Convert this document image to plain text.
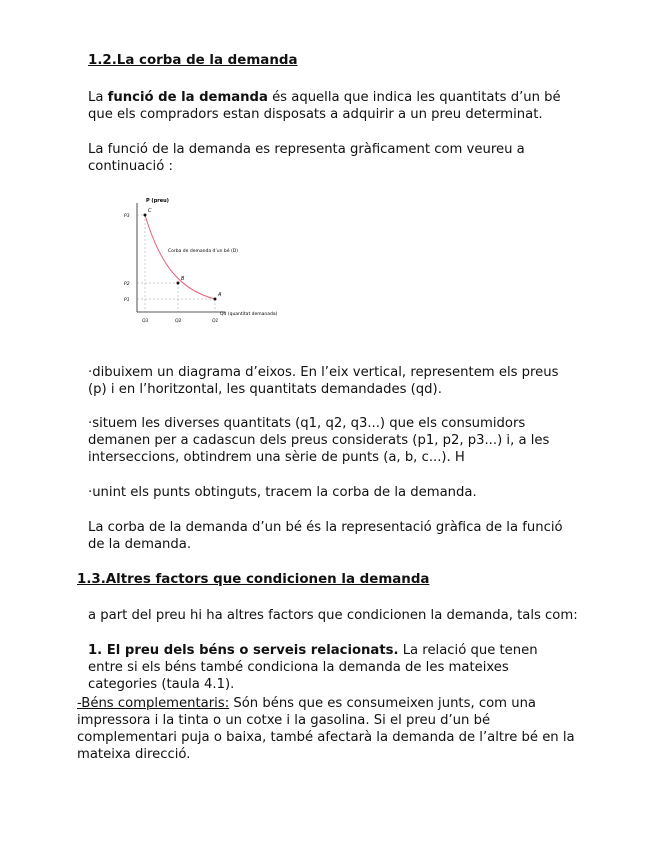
1.2.La corba de la demanda
La funció de la demanda és aquella que indica les quantitats d’un bé que els compradors estan disposats a adquirir a un preu determinat.
La funció de la demanda es representa gràficament com veureu a continuació :
C
P3
Q3
B
P2
Q2
A
P1
Q1
P (preu)
Qd (quantitat demanada)
Corba de demanda d’un bé (D)
·dibuixem un diagrama d’eixos. En l’eix vertical, representem els preus (p) i en l’horitzontal, les quantitats demandades (qd).
·situem les diverses quantitats (q1, q2, q3...) que els consumidors demanen per a cadascun dels preus considerats (p1, p2, p3...) i, a les interseccions, obtindrem una sèrie de punts (a, b, c...). H
·unint els punts obtinguts, tracem la corba de la demanda.
La corba de la demanda d’un bé és la representació gràfica de la funció de la demanda.
1.3.Altres factors que condicionen la demanda
a part del preu hi ha altres factors que condicionen la demanda, tals com:
1. El preu dels béns o serveis relacionats. La relació que tenen entre si els béns també condiciona la demanda de les mateixes categories (taula 4.1).
-Béns complementaris: Són béns que es consumeixen junts, com una impressora i la tinta o un cotxe i la gasolina. Si el preu d’un bé complementari puja o baixa, també afectarà la demanda de l’altre bé en la mateixa direcció.
